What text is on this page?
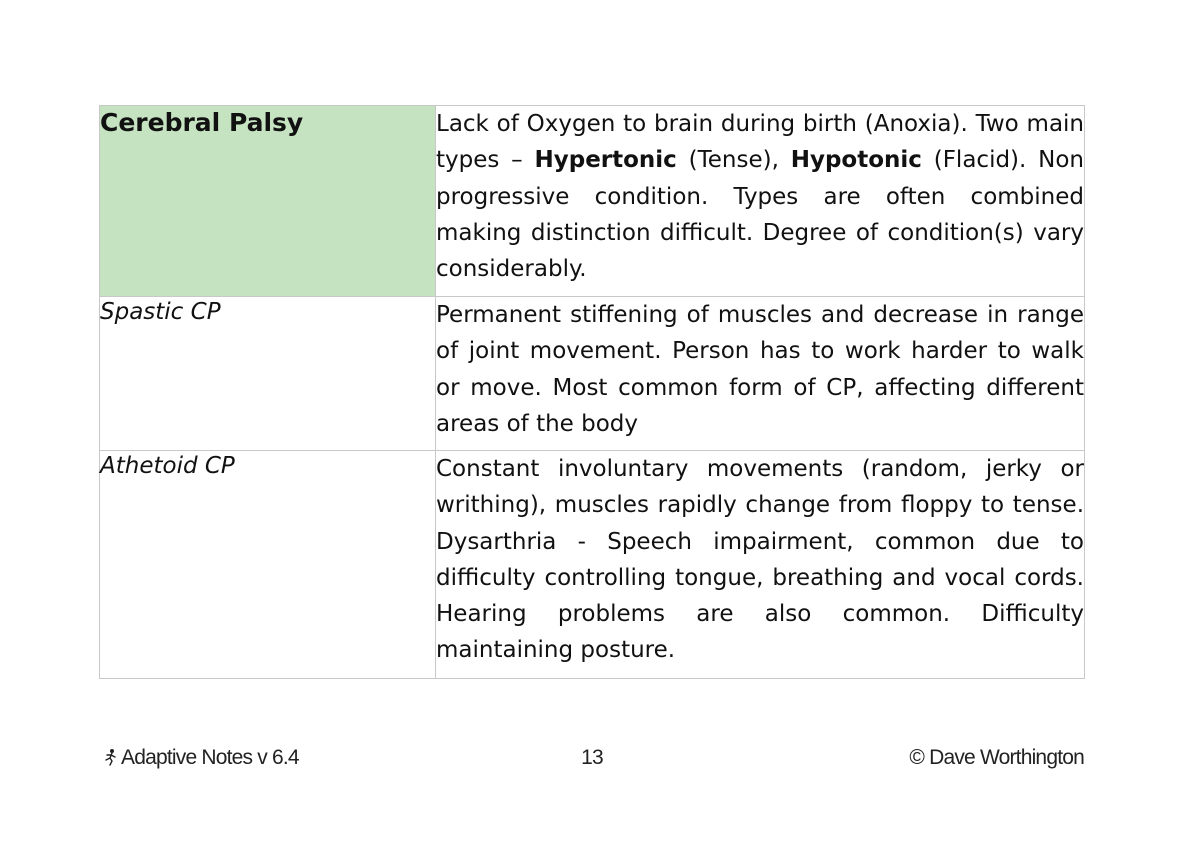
Cerebral Palsy	Lack of Oxygen to brain during birth (Anoxia). Two main types – Hypertonic (Tense), Hypotonic (Flacid). Non progressive condition. Types are often combined making distinction difficult. Degree of condition(s) vary considerably.

Spastic CP	Permanent stiffening of muscles and decrease in range of joint movement. Person has to work harder to walk or move. Most common form of CP, affecting different areas of the body

Athetoid CP	Constant involuntary movements (random, jerky or writhing), muscles rapidly change from floppy to tense. Dysarthria - Speech impairment, common due to difficulty controlling tongue, breathing and vocal cords. Hearing problems are also common. Difficulty maintaining posture.

Adaptive Notes v 6.4	13	© Dave Worthington
